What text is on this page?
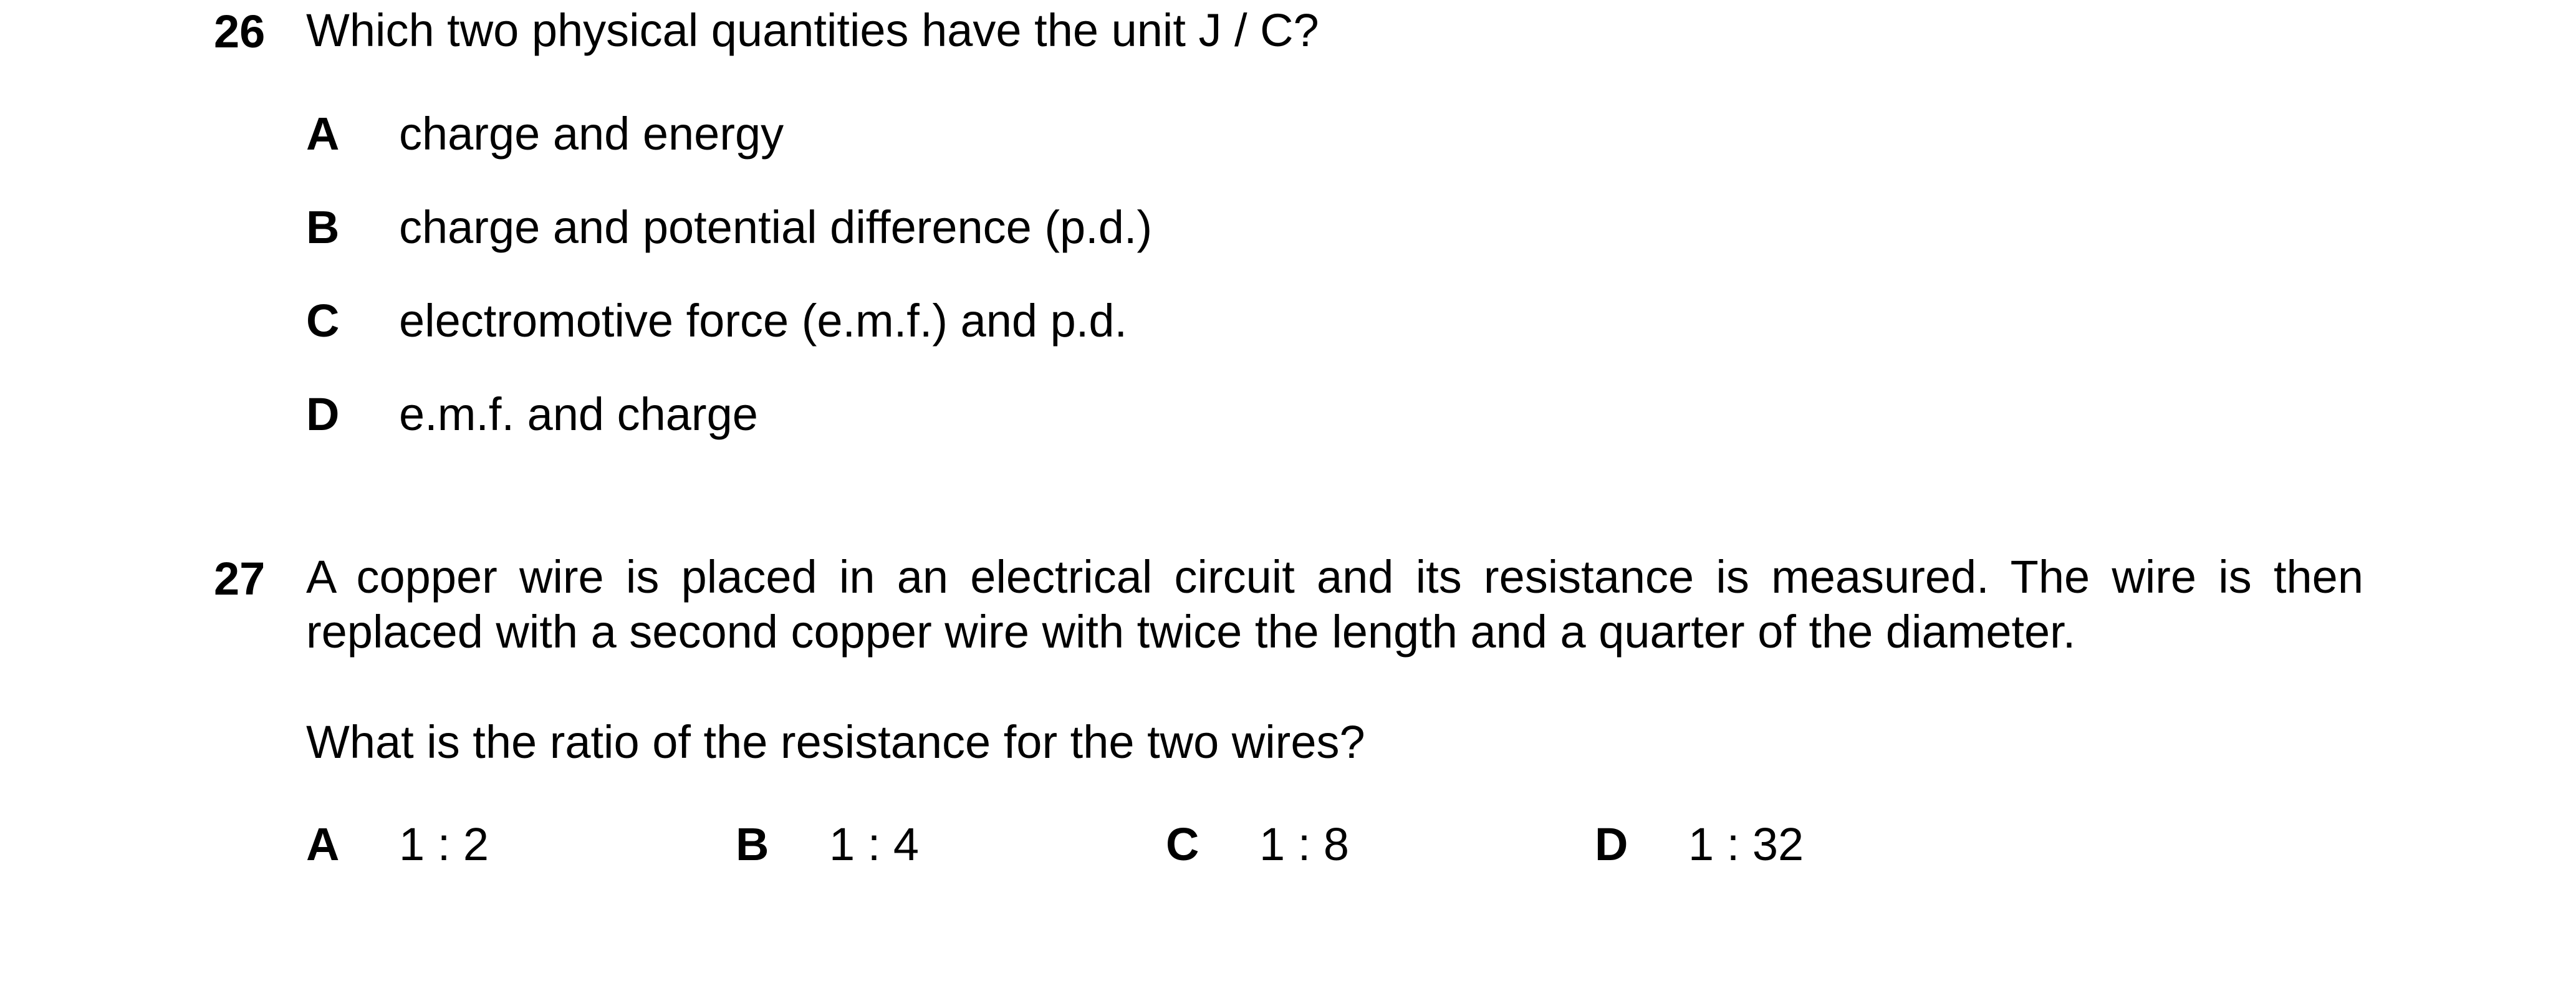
26 Which two physical quantities have the unit J / C?
A charge and energy
B charge and potential difference (p.d.)
C electromotive force (e.m.f.) and p.d.
D e.m.f. and charge
27 A copper wire is placed in an electrical circuit and its resistance is measured. The wire is then replaced with a second copper wire with twice the length and a quarter of the diameter.
What is the ratio of the resistance for the two wires?
A 1 : 2	B 1 : 4	C 1 : 8	D 1 : 32
